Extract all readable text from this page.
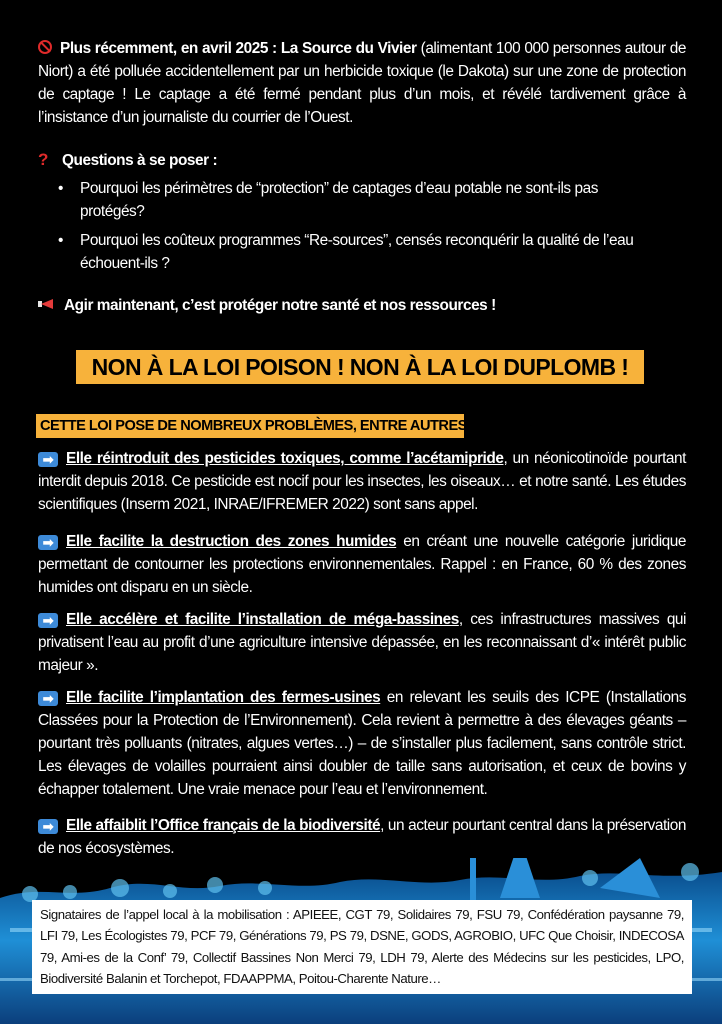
Plus récemment, en avril 2025 : La Source du Vivier (alimentant 100 000 personnes autour de Niort) a été polluée accidentellement par un herbicide toxique (le Dakota) sur une zone de protection de captage ! Le captage a été fermé pendant plus d’un mois, et révélé tardivement grâce à l’insistance d’un journaliste du courrier de l’Ouest.
? Questions à se poser :
• Pourquoi les périmètres de “protection” de captages d’eau potable ne sont-ils pas protégés?
• Pourquoi les coûteux programmes “Re-sources”, censés reconquérir la qualité de l’eau échouent-ils ?
Agir maintenant, c’est protéger notre santé et nos ressources !
NON À LA LOI POISON ! NON À LA LOI DUPLOMB !
CETTE LOI POSE DE NOMBREUX PROBLÈMES, ENTRE AUTRES :
➡ Elle réintroduit des pesticides toxiques, comme l’acétamipride, un néonicotinoïde pourtant interdit depuis 2018. Ce pesticide est nocif pour les insectes, les oiseaux… et notre santé. Les études scientifiques (Inserm 2021, INRAE/IFREMER 2022) sont sans appel.
➡ Elle facilite la destruction des zones humides en créant une nouvelle catégorie juridique permettant de contourner les protections environnementales. Rappel : en France, 60 % des zones humides ont disparu en un siècle.
➡ Elle accélère et facilite l’installation de méga-bassines, ces infrastructures massives qui privatisent l’eau au profit d’une agriculture intensive dépassée, en les reconnaissant d’« intérêt public majeur ».
➡ Elle facilite l’implantation des fermes-usines en relevant les seuils des ICPE (Installations Classées pour la Protection de l’Environnement). Cela revient à permettre à des élevages géants – pourtant très polluants (nitrates, algues vertes…) – de s’installer plus facilement, sans contrôle strict. Les élevages de volailles pourraient ainsi doubler de taille sans autorisation, et ceux de bovins y échapper totalement. Une vraie menace pour l’eau et l’environnement.
➡ Elle affaiblit l’Office français de la biodiversité, un acteur pourtant central dans la préservation de nos écosystèmes.
Signataires de l’appel local à la mobilisation : APIEEE, CGT 79, Solidaires 79, FSU 79, Confédération paysanne 79, LFI 79, Les Écologistes 79, PCF 79, Générations 79, PS 79, DSNE, GODS, AGROBIO, UFC Que Choisir, INDECOSA 79, Ami-es de la Conf’ 79, Collectif Bassines Non Merci 79, LDH 79, Alerte des Médecins sur les pesticides, LPO, Biodiversité Balanin et Torchepot, FDAAPPMA, Poitou-Charente Nature…
